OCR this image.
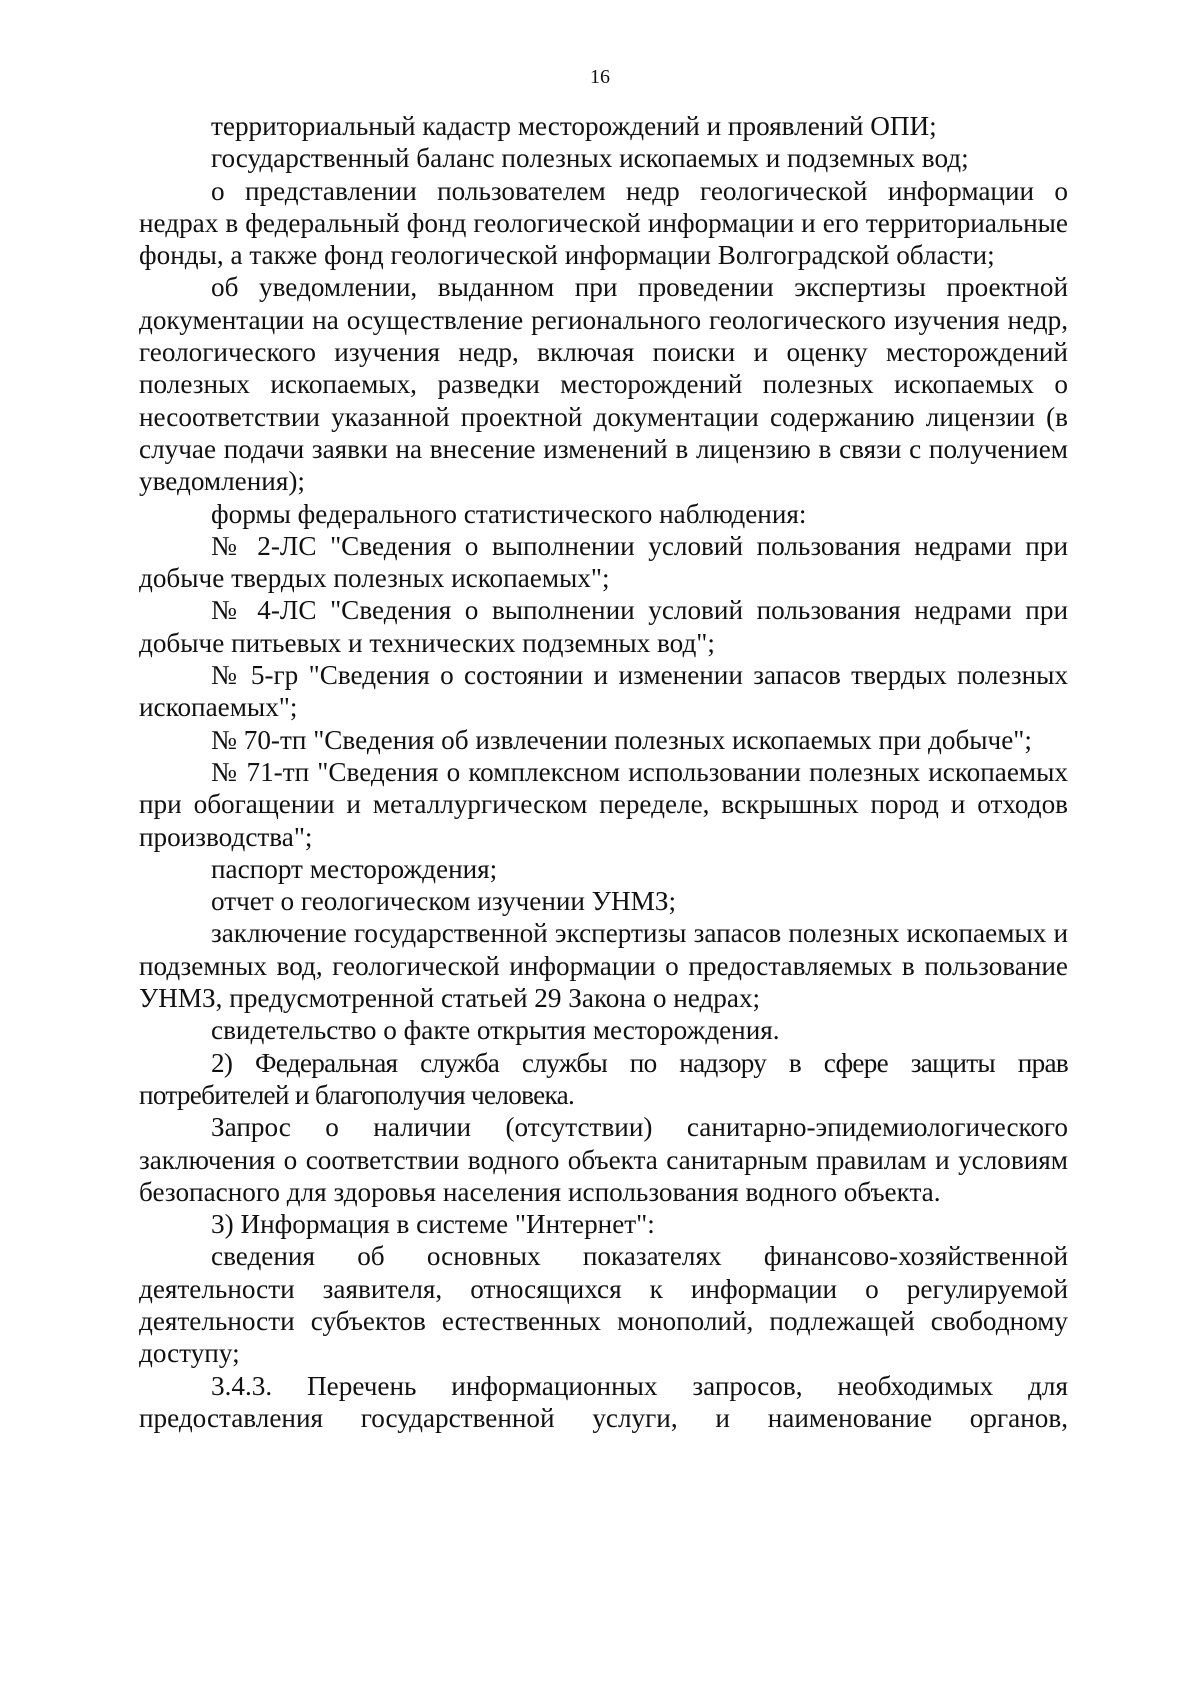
16

территориальный кадастр месторождений и проявлений ОПИ;

государственный баланс полезных ископаемых и подземных вод;

о представлении пользователем недр геологической информации о недрах в федеральный фонд геологической информации и его территориальные фонды, а также фонд геологической информации Волгоградской области;

об уведомлении, выданном при проведении экспертизы проектной документации на осуществление регионального геологического изучения недр, геологического изучения недр, включая поиски и оценку месторождений полезных ископаемых, разведки месторождений полезных ископаемых о несоответствии указанной проектной документации содержанию лицензии (в случае подачи заявки на внесение изменений в лицензию в связи с получением уведомления);

формы федерального статистического наблюдения:

№ 2-ЛС "Сведения о выполнении условий пользования недрами при добыче твердых полезных ископаемых";

№ 4-ЛС "Сведения о выполнении условий пользования недрами при добыче питьевых и технических подземных вод";

№ 5-гр "Сведения о состоянии и изменении запасов твердых полезных ископаемых";

№ 70-тп "Сведения об извлечении полезных ископаемых при добыче";

№ 71-тп "Сведения о комплексном использовании полезных ископаемых при обогащении и металлургическом переделе, вскрышных пород и отходов производства";

паспорт месторождения;

отчет о геологическом изучении УНМЗ;

заключение государственной экспертизы запасов полезных ископаемых и подземных вод, геологической информации о предоставляемых в пользование УНМЗ, предусмотренной статьей 29 Закона о недрах;

свидетельство о факте открытия месторождения.

2) Федеральная служба службы по надзору в сфере защиты прав потребителей и благополучия человека.

Запрос о наличии (отсутствии) санитарно-эпидемиологического заключения о соответствии водного объекта санитарным правилам и условиям безопасного для здоровья населения использования водного объекта.

3) Информация в системе "Интернет":

сведения об основных показателях финансово-хозяйственной деятельности заявителя, относящихся к информации о регулируемой деятельности субъектов естественных монополий, подлежащей свободному доступу;

3.4.3. Перечень информационных запросов, необходимых для предоставления государственной услуги, и наименование органов,
